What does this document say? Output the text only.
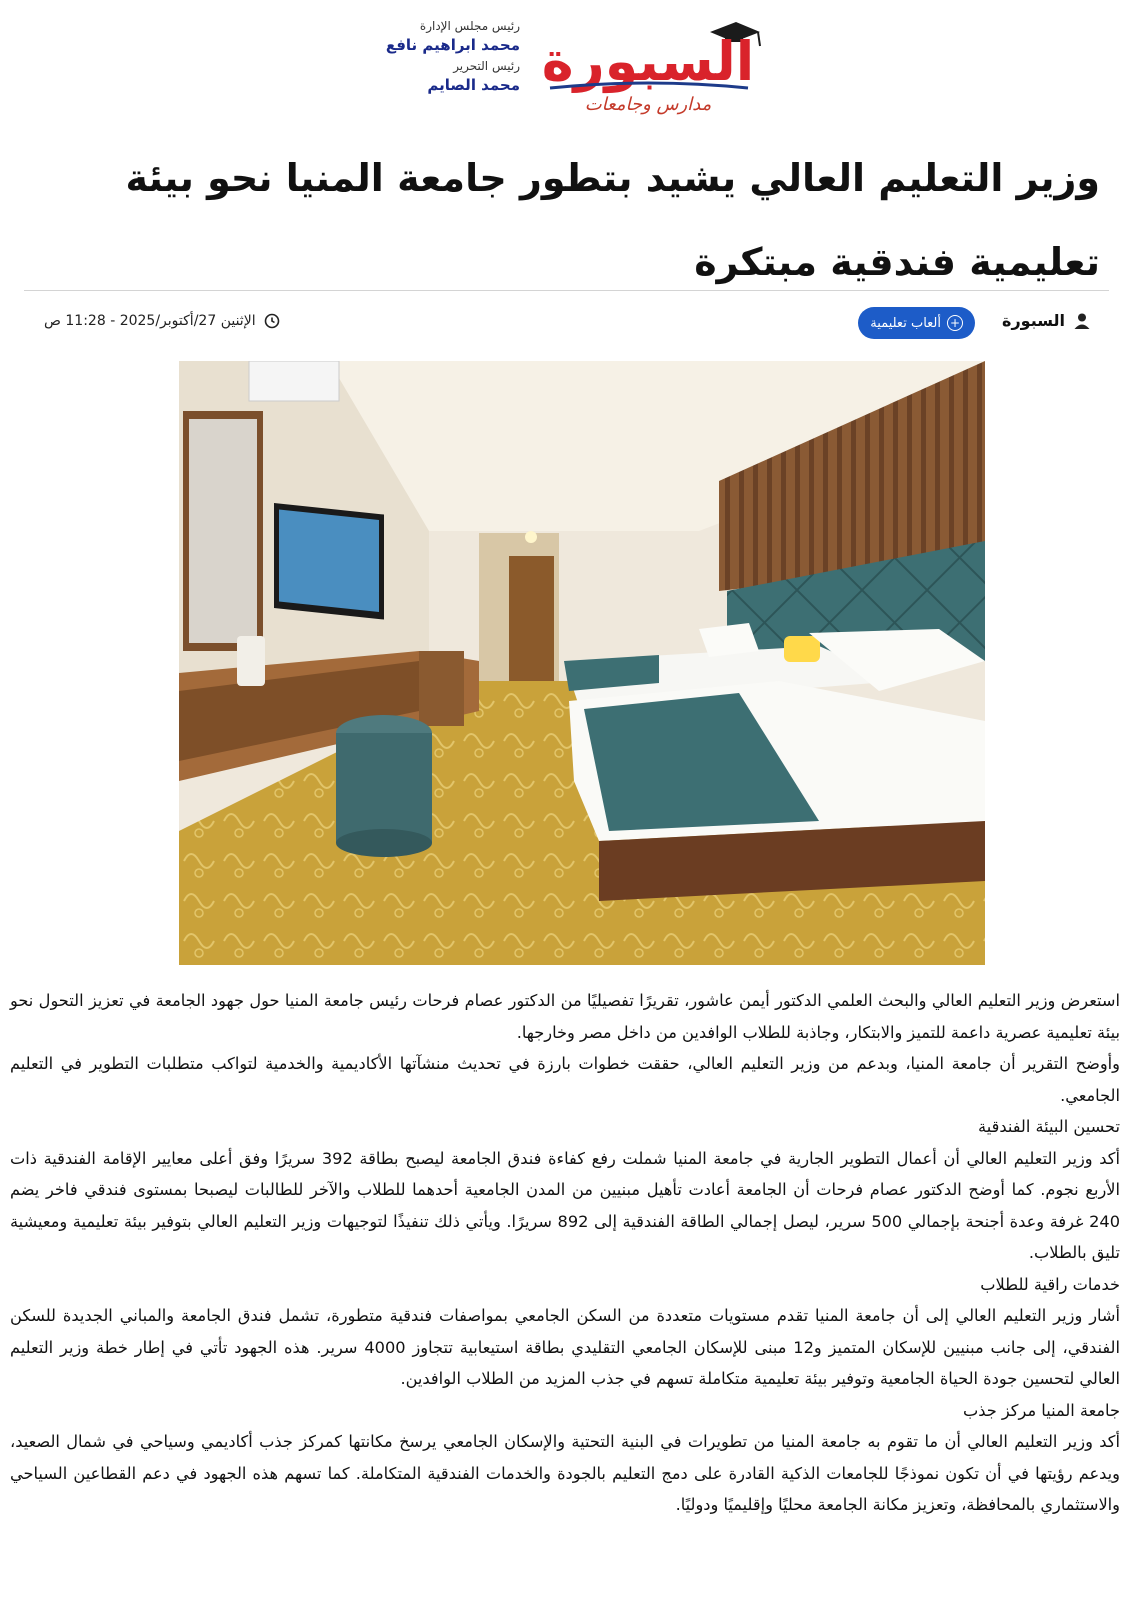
رئيس مجلس الإدارة
محمد ابراهيم نافع
رئيس التحرير
محمد الصايم السبورة
مدارس وجامعات
وزير التعليم العالي يشيد بتطور جامعة المنيا نحو بيئة تعليمية فندقية مبتكرة
السبورة
+
ألعاب تعليمية
الإثنين 27/أكتوبر/2025 - 11:28 ص

استعرض وزير التعليم العالي والبحث العلمي الدكتور أيمن عاشور، تقريرًا تفصيليًا من الدكتور عصام فرحات رئيس جامعة المنيا حول جهود الجامعة في تعزيز التحول نحو بيئة تعليمية عصرية داعمة للتميز والابتكار، وجاذبة للطلاب الوافدين من داخل مصر وخارجها.

وأوضح التقرير أن جامعة المنيا، وبدعم من وزير التعليم العالي، حققت خطوات بارزة في تحديث منشآتها الأكاديمية والخدمية لتواكب متطلبات التطوير في التعليم الجامعي.

تحسين البيئة الفندقية

أكد وزير التعليم العالي أن أعمال التطوير الجارية في جامعة المنيا شملت رفع كفاءة فندق الجامعة ليصبح بطاقة 392 سريرًا وفق أعلى معايير الإقامة الفندقية ذات الأربع نجوم. كما أوضح الدكتور عصام فرحات أن الجامعة أعادت تأهيل مبنيين من المدن الجامعية أحدهما للطلاب والآخر للطالبات ليصبحا بمستوى فندقي فاخر يضم 240 غرفة وعدة أجنحة بإجمالي 500 سرير، ليصل إجمالي الطاقة الفندقية إلى 892 سريرًا. ويأتي ذلك تنفيذًا لتوجيهات وزير التعليم العالي بتوفير بيئة تعليمية ومعيشية تليق بالطلاب.

خدمات راقية للطلاب

أشار وزير التعليم العالي إلى أن جامعة المنيا تقدم مستويات متعددة من السكن الجامعي بمواصفات فندقية متطورة، تشمل فندق الجامعة والمباني الجديدة للسكن الفندقي، إلى جانب مبنيين للإسكان المتميز و12 مبنى للإسكان الجامعي التقليدي بطاقة استيعابية تتجاوز 4000 سرير. هذه الجهود تأتي في إطار خطة وزير التعليم العالي لتحسين جودة الحياة الجامعية وتوفير بيئة تعليمية متكاملة تسهم في جذب المزيد من الطلاب الوافدين.

جامعة المنيا مركز جذب

أكد وزير التعليم العالي أن ما تقوم به جامعة المنيا من تطويرات في البنية التحتية والإسكان الجامعي يرسخ مكانتها كمركز جذب أكاديمي وسياحي في شمال الصعيد، ويدعم رؤيتها في أن تكون نموذجًا للجامعات الذكية القادرة على دمج التعليم بالجودة والخدمات الفندقية المتكاملة. كما تسهم هذه الجهود في دعم القطاعين السياحي والاستثماري بالمحافظة، وتعزيز مكانة الجامعة محليًا وإقليميًا ودوليًا.
